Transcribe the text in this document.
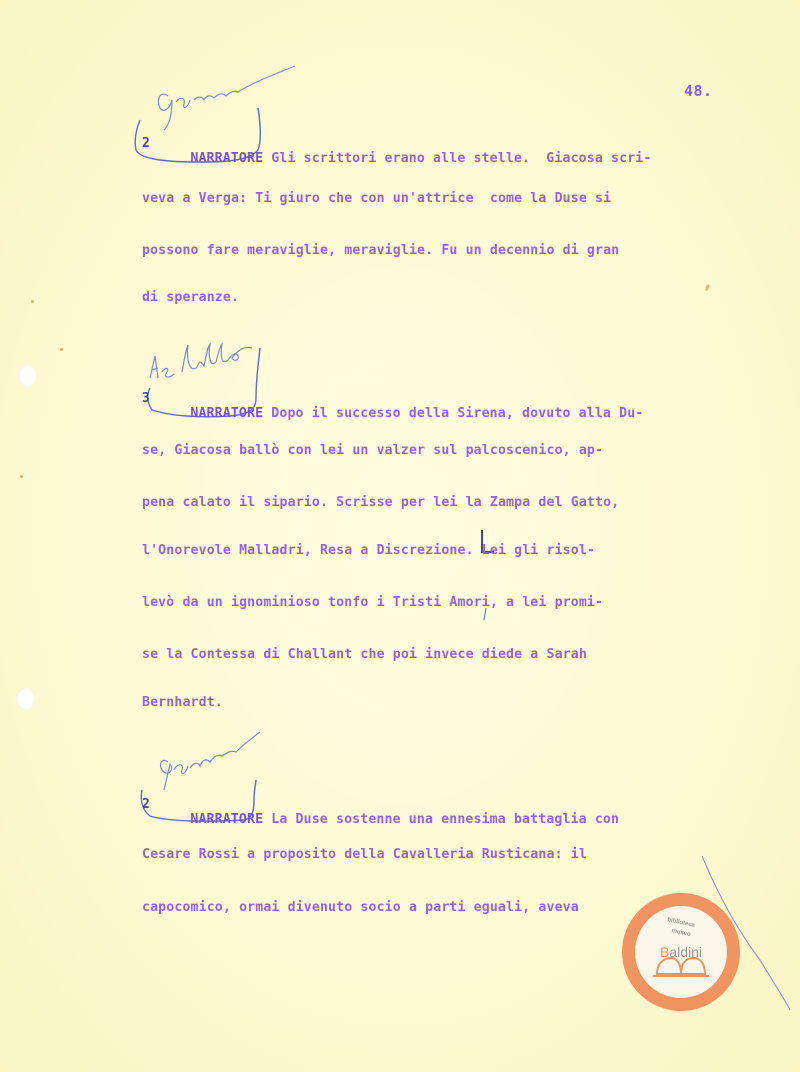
48.
2
3
2

NARRATORE Gli scrittori erano alle stelle.  Giacosa scri-

veva a Verga: Ti giuro che con un'attrice  come la Duse si
possono fare meraviglie, meraviglie. Fu un decennio di gran
di speranze.

NARRATORE Dopo il successo della Sirena, dovuto alla Du-

se, Giacosa ballò con lei un valzer sul palcoscenico, ap-
pena calato il sipario. Scrisse per lei la Zampa del Gatto,
l'Onorevole Malladri, Resa a Discrezione. Lei gli risol-
levò da un ignominioso tonfo i Tristi Amori, a lei promi-
se la Contessa di Challant che poi invece diede a Sarah
Bernhardt.

NARRATORE La Duse sostenne una ennesima battaglia con

Cesare Rossi a proposito della Cavalleria Rusticana: il
capocomico, ormai divenuto socio a parti eguali, aveva
biblioteca
museo
Baldini
